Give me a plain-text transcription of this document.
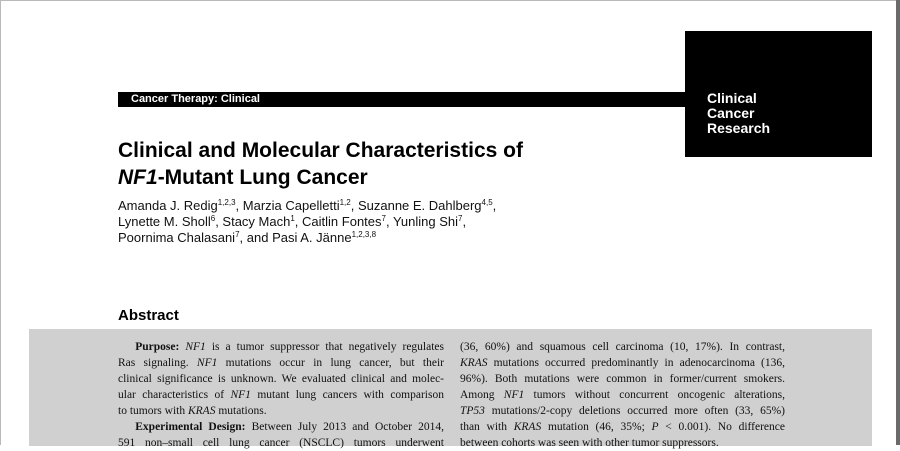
Clinical
Cancer
Research
Cancer Therapy: Clinical
Clinical and Molecular Characteristics of
NF1-Mutant Lung Cancer
Amanda J. Redig$^{1,2,3}$, Marzia Capelletti$^{1,2}$, Suzanne E. Dahlberg$^{4,5}$,
Lynette M. Sholl$^6$, Stacy Mach$^1$, Caitlin Fontes$^7$, Yunling Shi$^7$,
Poornima Chalasani$^7$, and Pasi A. Jänne$^{1,2,3,8}$
Abstract
  Purpose: NF1 is a tumor suppressor that negatively regulates
Ras signaling. NF1 mutations occur in lung cancer, but their
clinical significance is unknown. We evaluated clinical and molec-
ular characteristics of NF1 mutant lung cancers with comparison
to tumors with KRAS mutations.
  Experimental Design: Between July 2013 and October 2014,
591 non–small cell lung cancer (NSCLC) tumors underwent
(36, 60%) and squamous cell carcinoma (10, 17%). In contrast,
KRAS mutations occurred predominantly in adenocarcinoma (136,
96%). Both mutations were common in former/current smokers.
Among NF1 tumors without concurrent oncogenic alterations,
TP53 mutations/2-copy deletions occurred more often (33, 65%)
than with KRAS mutation (46, 35%; P < 0.001). No difference
between cohorts was seen with other tumor suppressors.
